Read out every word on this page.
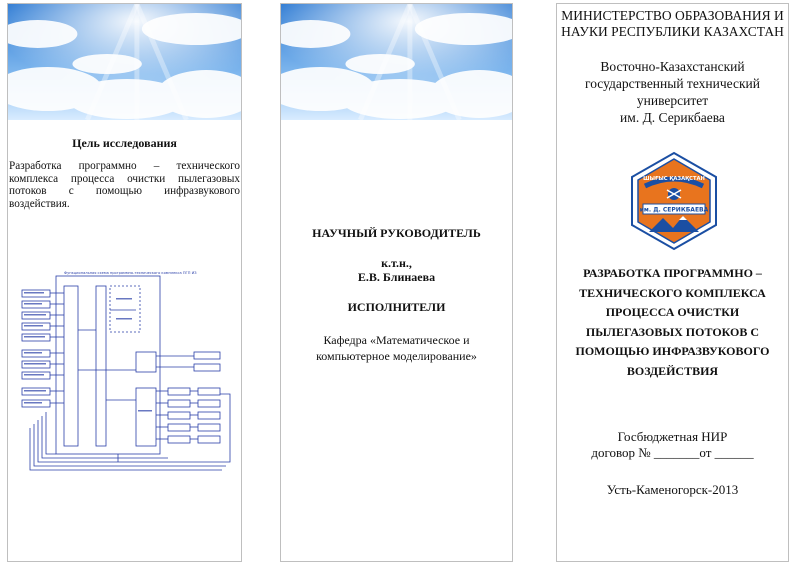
Цель исследования
Разработка программно – технического комплекса процесса очистки пылегазовых потоков с помощью инфразвукового воздействия.
Функциональная схема программно-технического комплекса ПГП ИЗ
НАУЧНЫЙ РУКОВОДИТЕЛЬ
к.т.н.,
Е.В. Блинаева
ИСПОЛНИТЕЛИ
Кафедра «Математическое и компьютерное моделирование»
МИНИСТЕРСТВО ОБРАЗОВАНИЯ И
НАУКИ РЕСПУБЛИКИ КАЗАХСТАН
Восточно-Казахстанский
государственный технический
университет
им. Д. Серикбаева
им. Д. СЕРИКБАЕВА
ШЫҒЫС ҚАЗАҚСТАН
РАЗРАБОТКА ПРОГРАММНО –
ТЕХНИЧЕСКОГО КОМПЛЕКСА
ПРОЦЕССА ОЧИСТКИ
ПЫЛЕГАЗОВЫХ ПОТОКОВ С
ПОМОЩЬЮ ИНФРАЗВУКОВОГО
ВОЗДЕЙСТВИЯ
Госбюджетная НИР
договор № _______от ______
Усть-Каменогорск-2013
